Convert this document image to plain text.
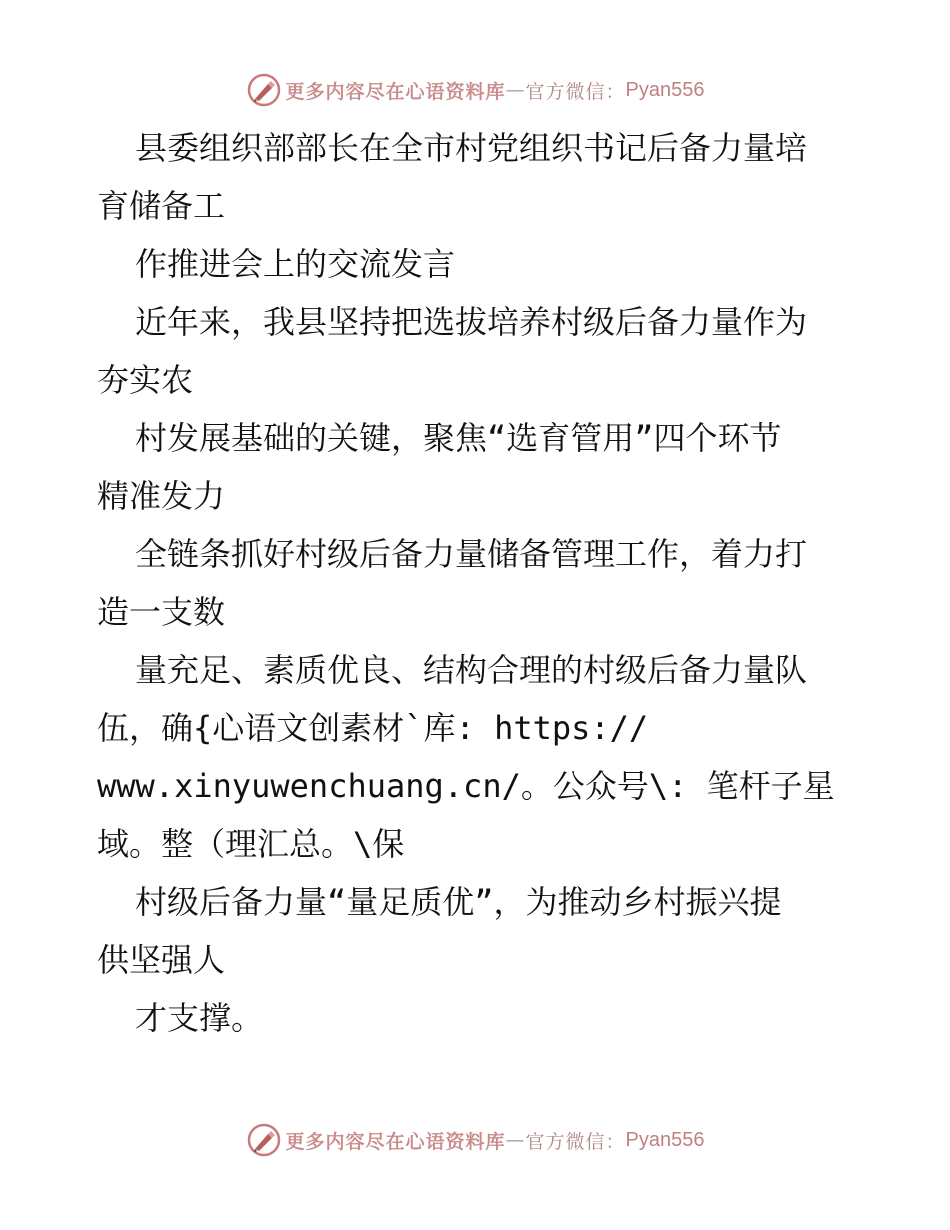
更多内容尽在心语资料库 — 官方微信： Pyan556
县委组织部部长在全市村党组织书记后备力量培
育储备工
作推进会上的交流发言
近年来，我县坚持把选拔培养村级后备力量作为
夯实农
村发展基础的关键，聚焦“选育管用”四个环节
精准发力
全链条抓好村级后备力量储备管理工作，着力打
造一支数
量充足、素质优良、结构合理的村级后备力量队
伍，确{心语文创素材`库: https://
www.xinyuwenchuang.cn/。公众号\: 笔杆子星
域。整（理汇总。\保
村级后备力量“量足质优”，为推动乡村振兴提
供坚强人
才支撑。
更多内容尽在心语资料库 — 官方微信： Pyan556
